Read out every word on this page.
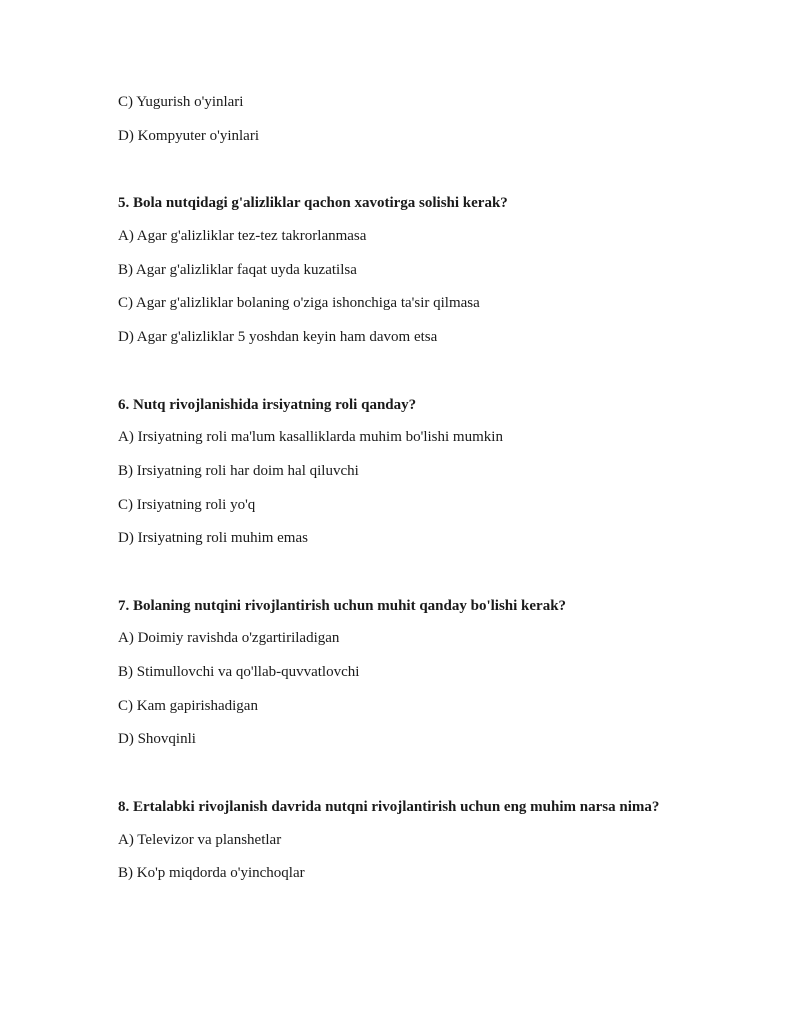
C) Yugurish o'yinlari

D) Kompyuter o'yinlari

5. Bola nutqidagi g'alizliklar qachon xavotirga solishi kerak?

A) Agar g'alizliklar tez-tez takrorlanmasa

B) Agar g'alizliklar faqat uyda kuzatilsa

C) Agar g'alizliklar bolaning o'ziga ishonchiga ta'sir qilmasa

D) Agar g'alizliklar 5 yoshdan keyin ham davom etsa

6. Nutq rivojlanishida irsiyatning roli qanday?

A) Irsiyatning roli ma'lum kasalliklarda muhim bo'lishi mumkin

B) Irsiyatning roli har doim hal qiluvchi

C) Irsiyatning roli yo'q

D) Irsiyatning roli muhim emas

7. Bolaning nutqini rivojlantirish uchun muhit qanday bo'lishi kerak?

A) Doimiy ravishda o'zgartiriladigan

B) Stimullovchi va qo'llab-quvvatlovchi

C) Kam gapirishadigan

D) Shovqinli

8. Ertalabki rivojlanish davrida nutqni rivojlantirish uchun eng muhim narsa nima?

A) Televizor va planshetlar

B) Ko'p miqdorda o'yinchoqlar
